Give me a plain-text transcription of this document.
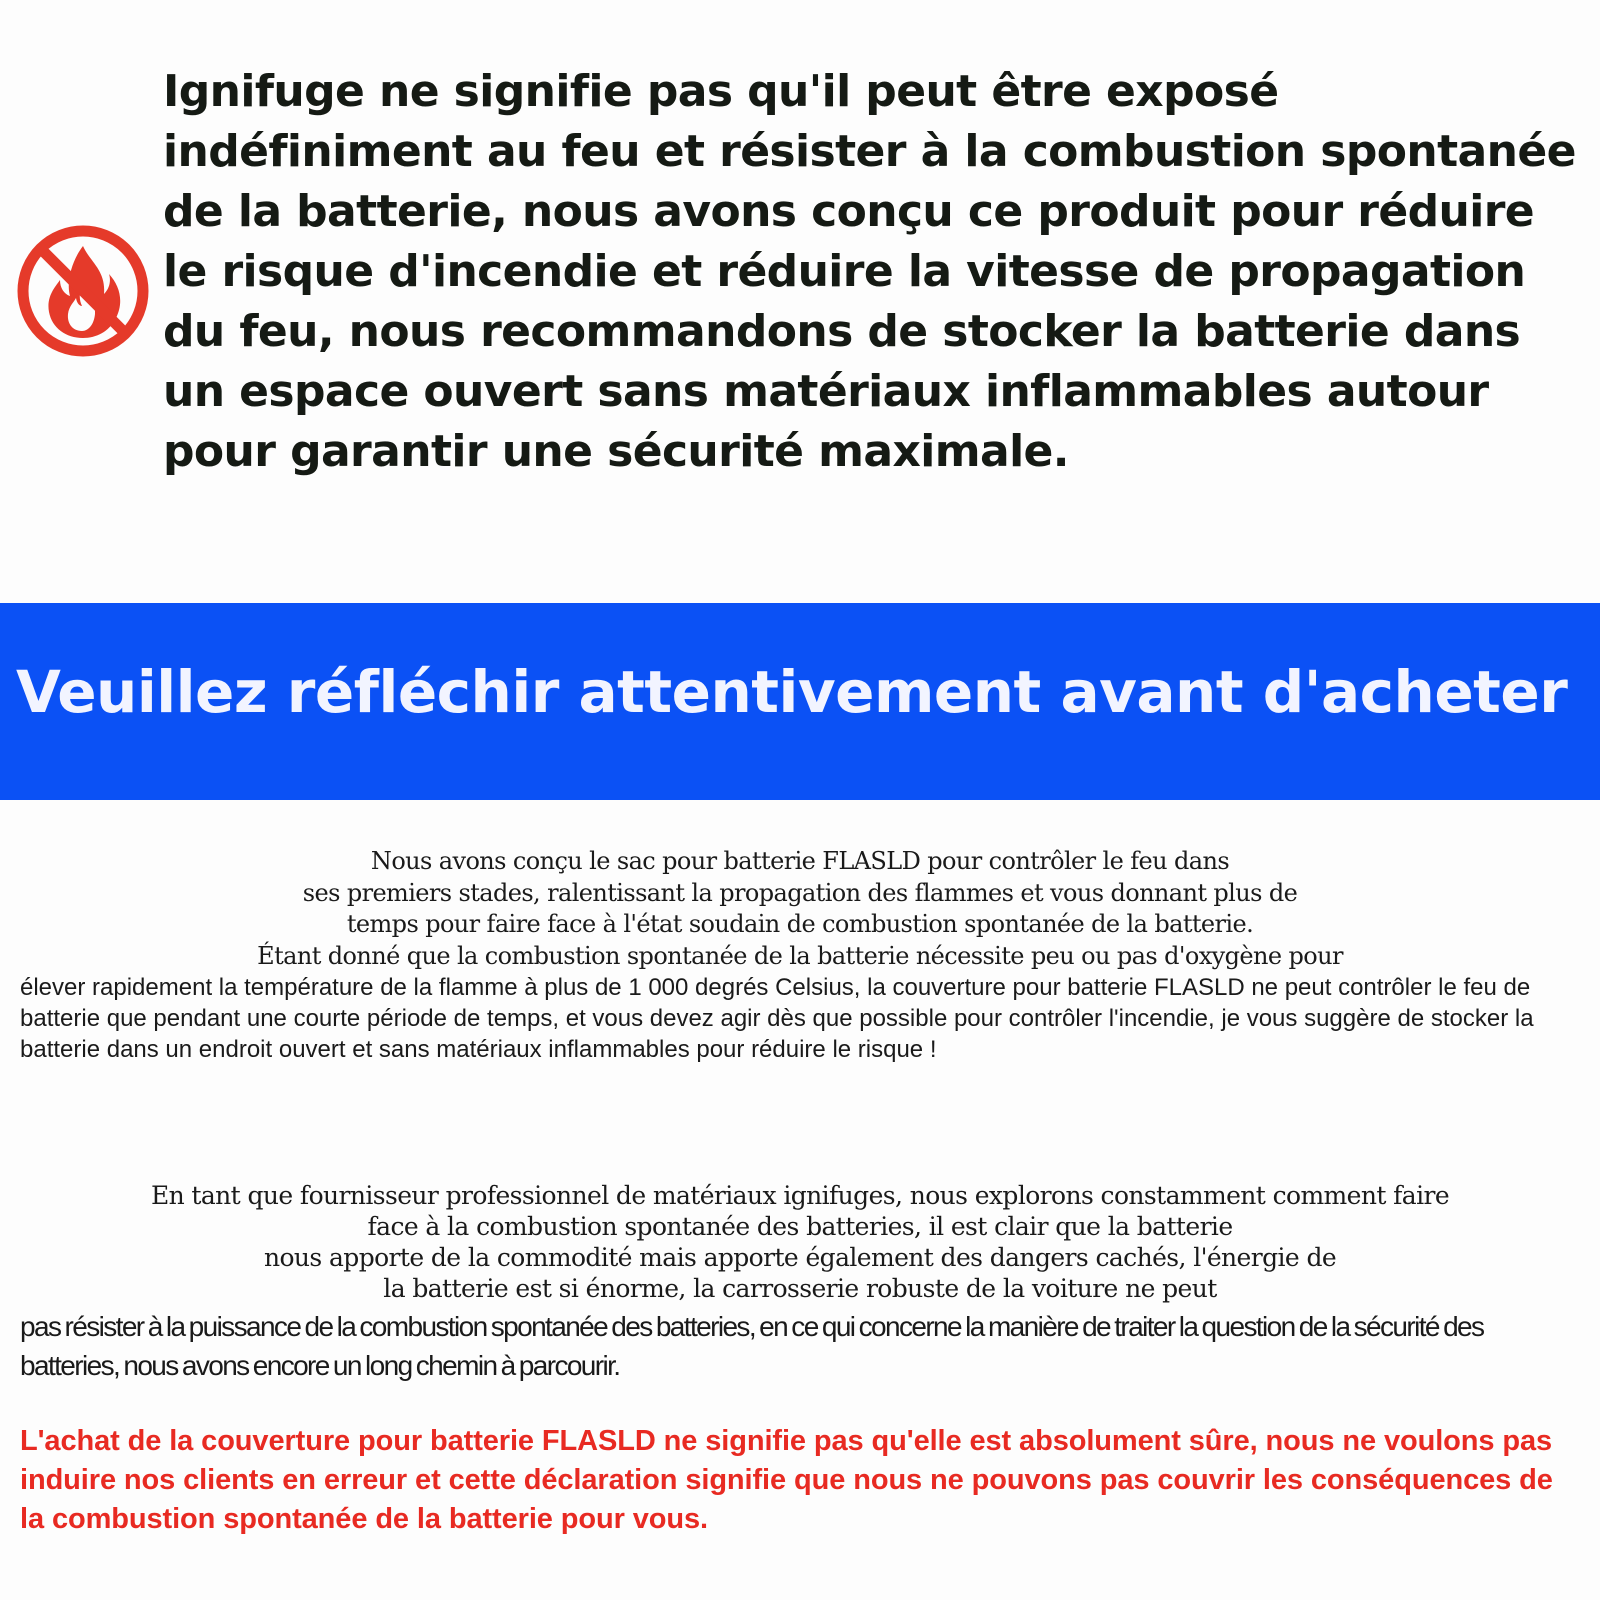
Ignifuge ne signifie pas qu'il peut être exposé indéfiniment au feu et résister à la combustion spontanée de la batterie, nous avons conçu ce produit pour réduire le risque d'incendie et réduire la vitesse de propagation du feu, nous recommandons de stocker la batterie dans un espace ouvert sans matériaux inflammables autour pour garantir une sécurité maximale.

Veuillez réfléchir attentivement avant d'acheter

Nous avons conçu le sac pour batterie FLASLD pour contrôler le feu dans
ses premiers stades, ralentissant la propagation des flammes et vous donnant plus de
temps pour faire face à l'état soudain de combustion spontanée de la batterie.
Étant donné que la combustion spontanée de la batterie nécessite peu ou pas d'oxygène pour

élever rapidement la température de la flamme à plus de 1 000 degrés Celsius, la couverture pour batterie FLASLD ne peut contrôler le feu de batterie que pendant une courte période de temps, et vous devez agir dès que possible pour contrôler l'incendie, je vous suggère de stocker la batterie dans un endroit ouvert et sans matériaux inflammables pour réduire le risque !

En tant que fournisseur professionnel de matériaux ignifuges, nous explorons constamment comment faire
face à la combustion spontanée des batteries, il est clair que la batterie
nous apporte de la commodité mais apporte également des dangers cachés, l'énergie de
la batterie est si énorme, la carrosserie robuste de la voiture ne peut

pas résister à la puissance de la combustion spontanée des batteries, en ce qui concerne la manière de traiter la question de la sécurité des batteries, nous avons encore un long chemin à parcourir.

L'achat de la couverture pour batterie FLASLD ne signifie pas qu'elle est absolument sûre, nous ne voulons pas induire nos clients en erreur et cette déclaration signifie que nous ne pouvons pas couvrir les conséquences de la combustion spontanée de la batterie pour vous.
